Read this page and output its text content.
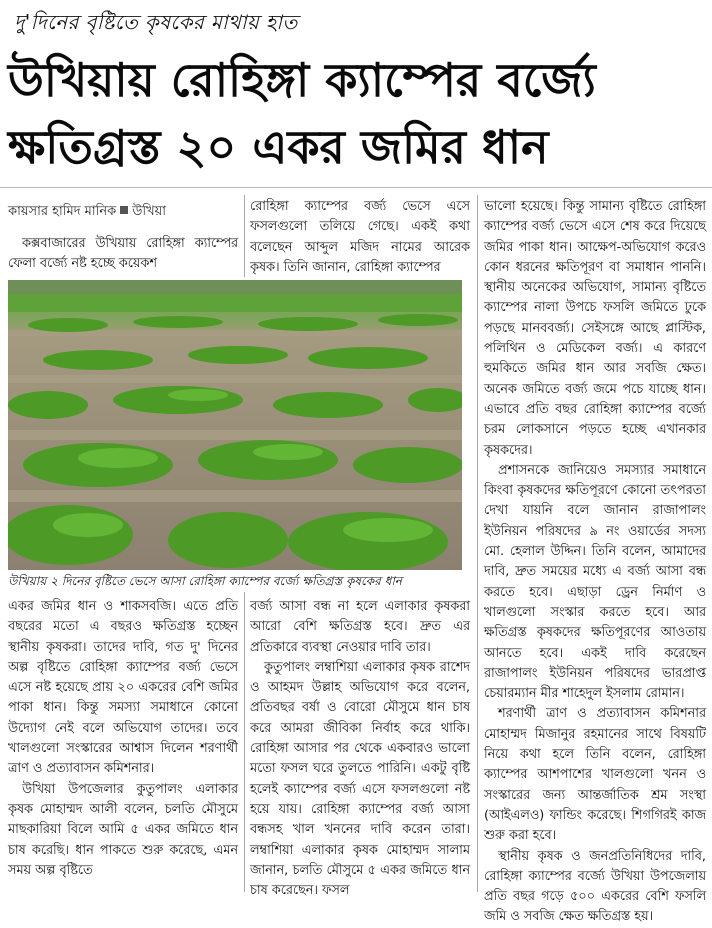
দু'দিনের বৃষ্টিতে কৃষকের মাথায় হাত
উখিয়ায় রোহিঙ্গা ক্যাম্পের বর্জ্যে
ক্ষতিগ্রস্ত ২০ একর জমির ধান
কায়সার হামিদ মানিক উখিয়া

কক্সবাজারের উখিয়ায় রোহিঙ্গা ক্যাম্পের ফেলা বর্জ্যে নষ্ট হচ্ছে কয়েকশ

রোহিঙ্গা ক্যাম্পের বর্জ্য ভেসে এসে ফসলগুলো তলিয়ে গেছে। একই কথা বলেছেন আব্দুল মজিদ নামের আরেক কৃষক। তিনি জানান, রোহিঙ্গা ক্যাম্পের

উখিয়ায় ২ দিনের বৃষ্টিতে ভেসে আসা রোহিঙ্গা ক্যাম্পের বর্জ্যে ক্ষতিগ্রস্ত কৃষকের ধান

একর জমির ধান ও শাকসবজি। এতে প্রতি বছরের মতো এ বছরও ক্ষতিগ্রস্ত হচ্ছেন স্থানীয় কৃষকরা। তাদের দাবি, গত দু' দিনের অল্প বৃষ্টিতে রোহিঙ্গা ক্যাম্পের বর্জ্য ভেসে এসে নষ্ট হয়েছে প্রায় ২০ একরের বেশি জমির পাকা ধান। কিন্তু সমস্যা সমাধানে কোনো উদ্যোগ নেই বলে অভিযোগ তাদের। তবে খালগুলো সংস্কারের আশ্বাস দিলেন শরণার্থী ত্রাণ ও প্রত্যাবাসন কমিশনার।

উখিয়া উপজেলার কুতুপালং এলাকার কৃষক মোহাম্মদ আলী বলেন, চলতি মৌসুমে মাছকারিয়া বিলে আমি ৫ একর জমিতে ধান চাষ করেছি। ধান পাকতে শুরু করেছে, এমন সময় অল্প বৃষ্টিতে

বর্জ্য আসা বন্ধ না হলে এলাকার কৃষকরা আরো বেশি ক্ষতিগ্রস্ত হবে। দ্রুত এর প্রতিকারে ব্যবস্থা নেওয়ার দাবি তার।

কুতুপালং লম্বাশিয়া এলাকার কৃষক রাশেদ ও আহমদ উল্লাহ অভিযোগ করে বলেন, প্রতিবছর বর্ষা ও বোরো মৌসুমে ধান চাষ করে আমরা জীবিকা নির্বাহ করে থাকি। রোহিঙ্গা আসার পর থেকে একবারও ভালো মতো ফসল ঘরে তুলতে পারিনি। একটু বৃষ্টি হলেই ক্যাম্পের বর্জ্য এসে ফসলগুলো নষ্ট হয়ে যায়। রোহিঙ্গা ক্যাম্পের বর্জ্য আসা বন্ধসহ খাল খননের দাবি করেন তারা। লম্বাশিয়া এলাকার কৃষক মোহাম্মদ সালাম জানান, চলতি মৌসুমে ৫ একর জমিতে ধান চাষ করেছেন। ফসল

ভালো হয়েছে। কিন্তু সামান্য বৃষ্টিতে রোহিঙ্গা ক্যাম্পের বর্জ্য ভেসে এসে শেষ করে দিয়েছে জমির পাকা ধান। আক্ষেপ-অভিযোগ করেও কোন ধরনের ক্ষতিপূরণ বা সমাধান পাননি। স্থানীয় অনেকের অভিযোগ, সামান্য বৃষ্টিতে ক্যাম্পের নালা উপচে ফসলি জমিতে ঢুকে পড়ছে মানববর্জ্য। সেইসঙ্গে আছে প্লাস্টিক, পলিথিন ও মেডিকেল বর্জ্য। এ কারণে হুমকিতে জমির ধান আর সবজি ক্ষেত। অনেক জমিতে বর্জ্য জমে পচে যাচ্ছে ধান। এভাবে প্রতি বছর রোহিঙ্গা ক্যাম্পের বর্জ্যে চরম লোকসানে পড়তে হচ্ছে এখানকার কৃষকদের।

প্রশাসনকে জানিয়েও সমস্যার সমাধানে কিংবা কৃষকদের ক্ষতিপূরণে কোনো তৎপরতা দেখা যায়নি বলে জানান রাজাপালং ইউনিয়ন পরিষদের ৯ নং ওয়ার্ডের সদস্য মো. হেলাল উদ্দিন। তিনি বলেন, আমাদের দাবি, দ্রুত সময়ের মধ্যে এ বর্জ্য আসা বন্ধ করতে হবে। এছাড়া ড্রেন নির্মাণ ও খালগুলো সংস্কার করতে হবে। আর ক্ষতিগ্রস্ত কৃষকদের ক্ষতিপূরণের আওতায় আনতে হবে। একই দাবি করেছেন রাজাপালং ইউনিয়ন পরিষদের ভারপ্রাপ্ত চেয়ারম্যান মীর শাহেদুল ইসলাম রোমান।

শরণার্থী ত্রাণ ও প্রত্যাবাসন কমিশনার মোহাম্মদ মিজানুর রহমানের সাথে বিষয়টি নিয়ে কথা হলে তিনি বলেন, রোহিঙ্গা ক্যাম্পের আশপাশের খালগুলো খনন ও সংস্কারের জন্য আন্তর্জাতিক শ্রম সংস্থা (আইএলও) ফান্ডিং করেছে। শিগগিরই কাজ শুরু করা হবে।

স্থানীয় কৃষক ও জনপ্রতিনিধিদের দাবি, রোহিঙ্গা ক্যাম্পের বর্জ্যে উখিয়া উপজেলায় প্রতি বছর গড়ে ৫০০ একরের বেশি ফসলি জমি ও সবজি ক্ষেত ক্ষতিগ্রস্ত হয়।
